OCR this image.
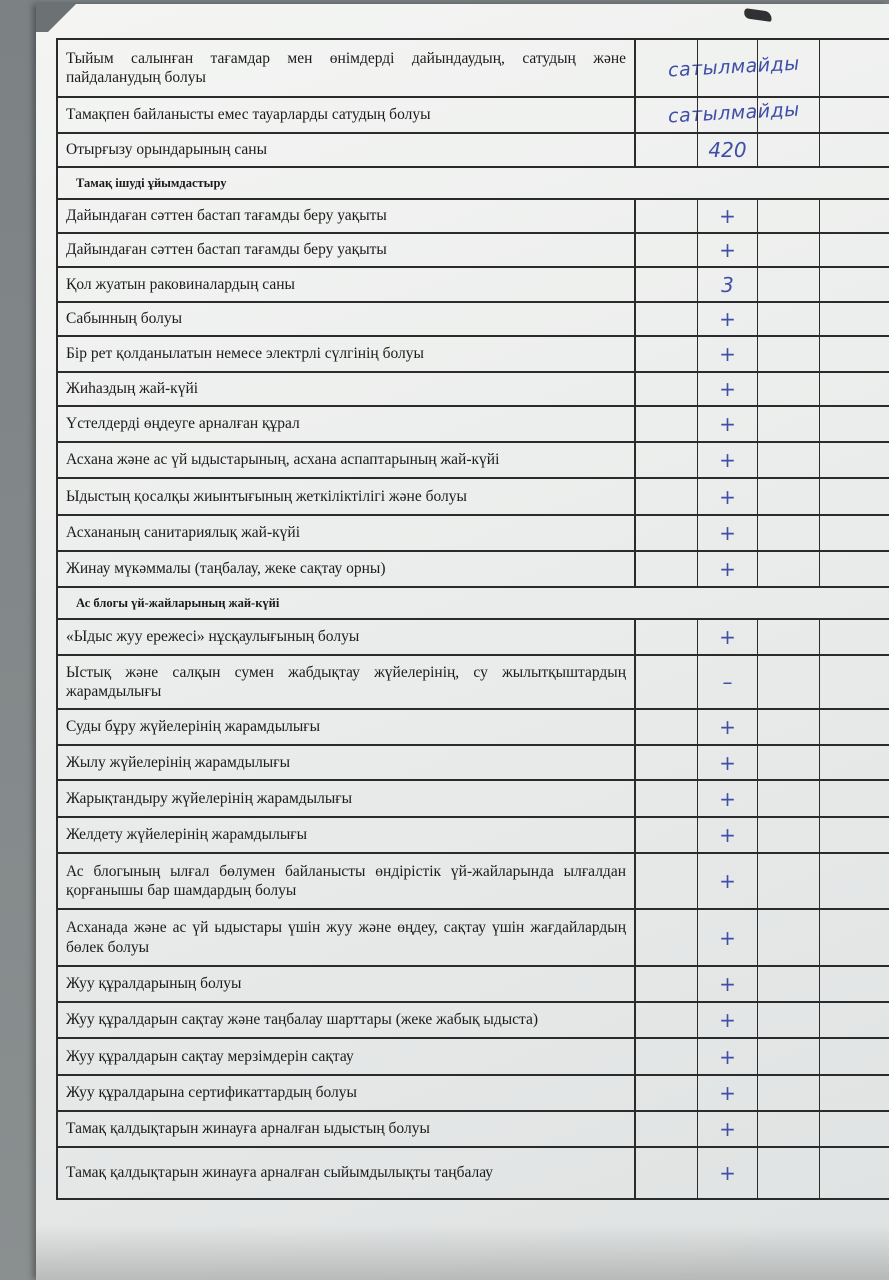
Тыйым салынған тағамдар мен өнімдерді дайындаудың, сатудың және пайдаланудың болуы	сатылмайды
Тамақпен байланысты емес тауарларды сатудың болуы	сатылмайды
Отырғызу орындарының саны	420
Тамақ ішуді ұйымдастыру
Дайындаған сәттен бастап тағамды беру уақыты	+
Дайындаған сәттен бастап тағамды беру уақыты	+
Қол жуатын раковиналардың саны	3
Сабынның болуы	+
Бір рет қолданылатын немесе электрлі сүлгінің болуы	+
Жиһаздың жай-күйі	+
Үстелдерді өңдеуге арналған құрал	+
Асхана және ас үй ыдыстарының, асхана аспаптарының жай-күйі	+
Ыдыстың қосалқы жиынтығының жеткіліктілігі және болуы	+
Асхананың санитариялық жай-күйі	+
Жинау мүкәммалы (таңбалау, жеке сақтау орны)	+
Ас блогы үй-жайларының жай-күйі
«Ыдыс жуу ережесі» нұсқаулығының болуы	+
Ыстық және салқын сумен жабдықтау жүйелерінің, су жылытқыштардың жарамдылығы	–
Суды бұру жүйелерінің жарамдылығы	+
Жылу жүйелерінің жарамдылығы	+
Жарықтандыру жүйелерінің жарамдылығы	+
Желдету жүйелерінің жарамдылығы	+
Ас блогының ылғал бөлумен байланысты өндірістік үй-жайларында ылғалдан қорғанышы бар шамдардың болуы	+
Асханада және ас үй ыдыстары үшін жуу және өңдеу, сақтау үшін жағдайлардың бөлек болуы	+
Жуу құралдарының болуы	+
Жуу құралдарын сақтау және таңбалау шарттары (жеке жабық ыдыста)	+
Жуу құралдарын сақтау мерзімдерін сақтау	+
Жуу құралдарына сертификаттардың болуы	+
Тамақ қалдықтарын жинауға арналған ыдыстың болуы	+
Тамақ қалдықтарын жинауға арналған сыйымдылықты таңбалау	+
